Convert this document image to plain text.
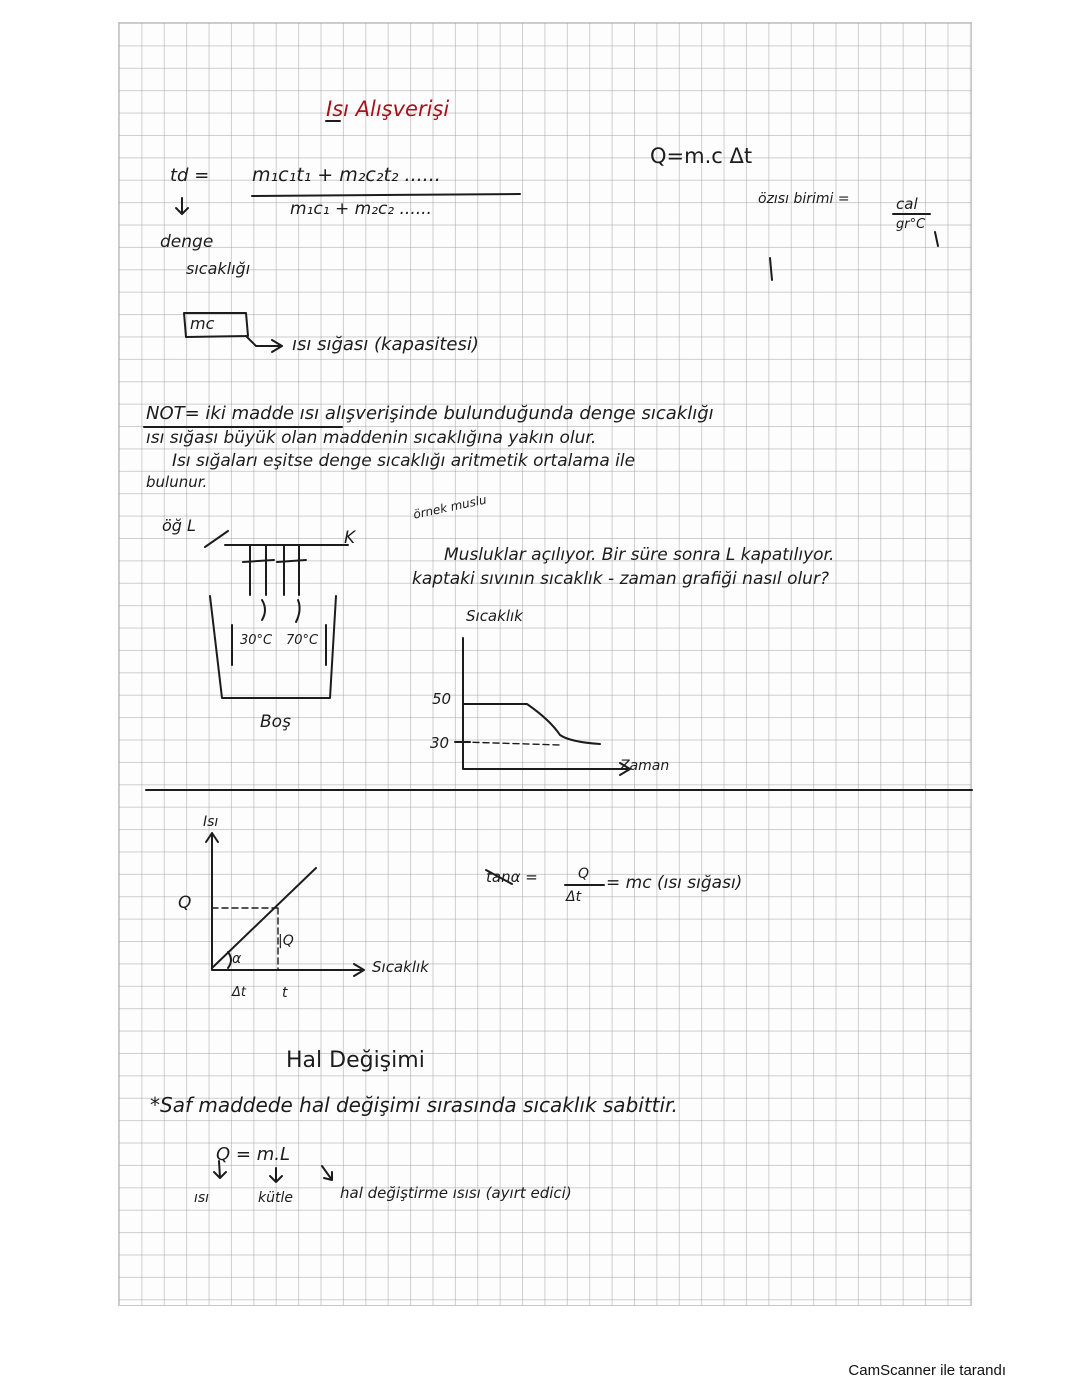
Isı Alışverişi
Q=m.c Δt
td = m₁c₁t₁ + m₂c₂t₂ ......
m₁c₁ + m₂c₂ ......
denge
sıcaklığı
özısı birimi =	cal
gr°C
mc
ısı sığası (kapasitesi)
NOT= iki madde ısı alışverişinde bulunduğunda denge sıcaklığı
ısı sığası büyük olan maddenin sıcaklığına yakın olur.
Isı sığaları eşitse denge sıcaklığı aritmetik ortalama ile
bulunur.
öğ L
K
30°C 70°C
Boş
örnek muslu
Musluklar açılıyor. Bir süre sonra L kapatılıyor.
kaptaki sıvının sıcaklık - zaman grafiği nasıl olur?
Sıcaklık
50
30
Zaman
Isı
Q
|Q
α
Δt	t
Sıcaklık
tanα =	Q
Δt
= mc (ısı sığası)
Hal Değişimi
*Saf maddede hal değişimi sırasında sıcaklık sabittir.
Q = m.L
ısı	kütle	hal değiştirme ısısı (ayırt edici)
CamScanner ile tarandı
